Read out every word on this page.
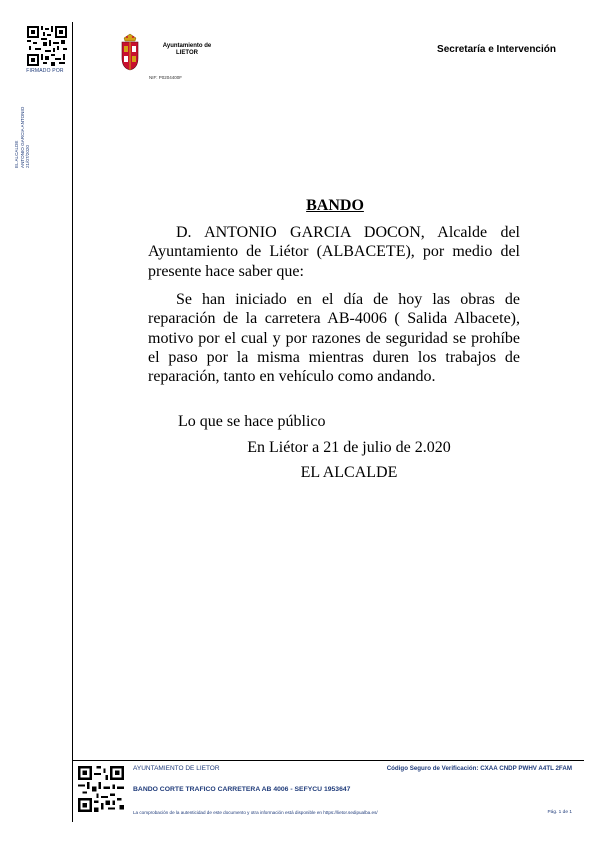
FIRMADO POR
EL ALCALDE ANTONIO GARCIA ANTONIO 21/07/2020
Ayuntamiento de
LIETOR
NIF: P0204400F
Secretaría e Intervención
BANDO
D. ANTONIO GARCIA DOCON, Alcalde del Ayuntamiento de Liétor (ALBACETE), por medio del presente hace saber que:
Se han iniciado en el día de hoy las obras de reparación de la carretera AB-4006 ( Salida Albacete), motivo por el cual y por razones de seguridad se prohíbe el paso por la misma mientras duren los trabajos de reparación, tanto en vehículo como andando.
Lo que se hace público
En Liétor a 21 de julio de 2.020
EL ALCALDE
AYUNTAMIENTO DE LIETOR	Código Seguro de Verificación: CXAA CNDP PWHV A4TL 2FAM
BANDO CORTE TRAFICO CARRETERA AB 4006 - SEFYCU 1953647
La comprobación de la autenticidad de este documento y otra información está disponible en https://lietor.sedipualba.es/	Pág. 1 de 1
